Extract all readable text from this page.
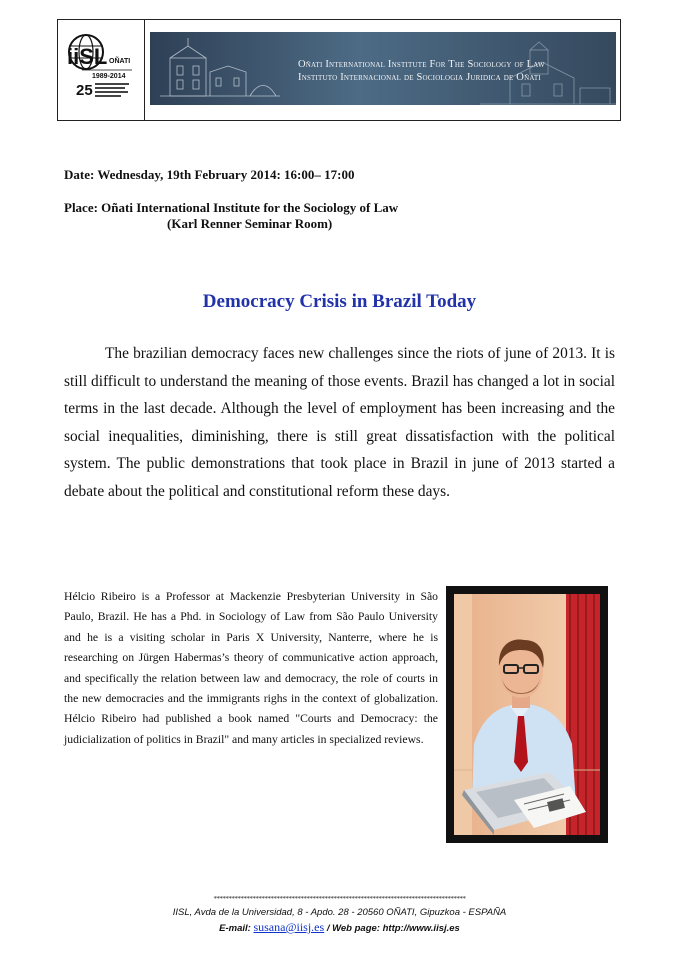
iiSL OÑATI
1989-2014
25
Oñati International Institute For The Sociology of Law
Instituto Internacional de Sociologia Juridica de Oñati
Date: Wednesday, 19th February 2014: 16:00– 17:00
Place: Oñati International Institute for the Sociology of Law
(Karl Renner Seminar Room)
Democracy Crisis in Brazil Today

The brazilian democracy faces new challenges since the riots of june of 2013. It is still difficult to understand the meaning of those events. Brazil has changed a lot in social terms in the last decade. Although the level of employment has been increasing and the social inequalities, diminishing, there is still great dissatisfaction with the political system. The public demonstrations that took place in Brazil in june of 2013 started a debate about the political and constitutional reform these days.

Hélcio Ribeiro is a Professor at Mackenzie Presbyterian University in São Paulo, Brazil. He has a Phd. in Sociology of Law from São Paulo University and he is a visiting scholar in Paris X University, Nanterre, where he is researching on Jürgen Habermas’s theory of communicative action approach, and specifically the relation between law and democracy, the role of courts in the new democracies and the immigrants righs in the context of globalization. Hélcio Ribeiro had published a book named "Courts and Democracy: the judicialization of politics in Brazil" and many articles in specialized reviews.

************************************************************************************
IISL, Avda de la Universidad, 8 - Apdo. 28 - 20560 OÑATI, Gipuzkoa - ESPAÑA
E-mail: susana@iisj.es / Web page: http://www.iisj.es
